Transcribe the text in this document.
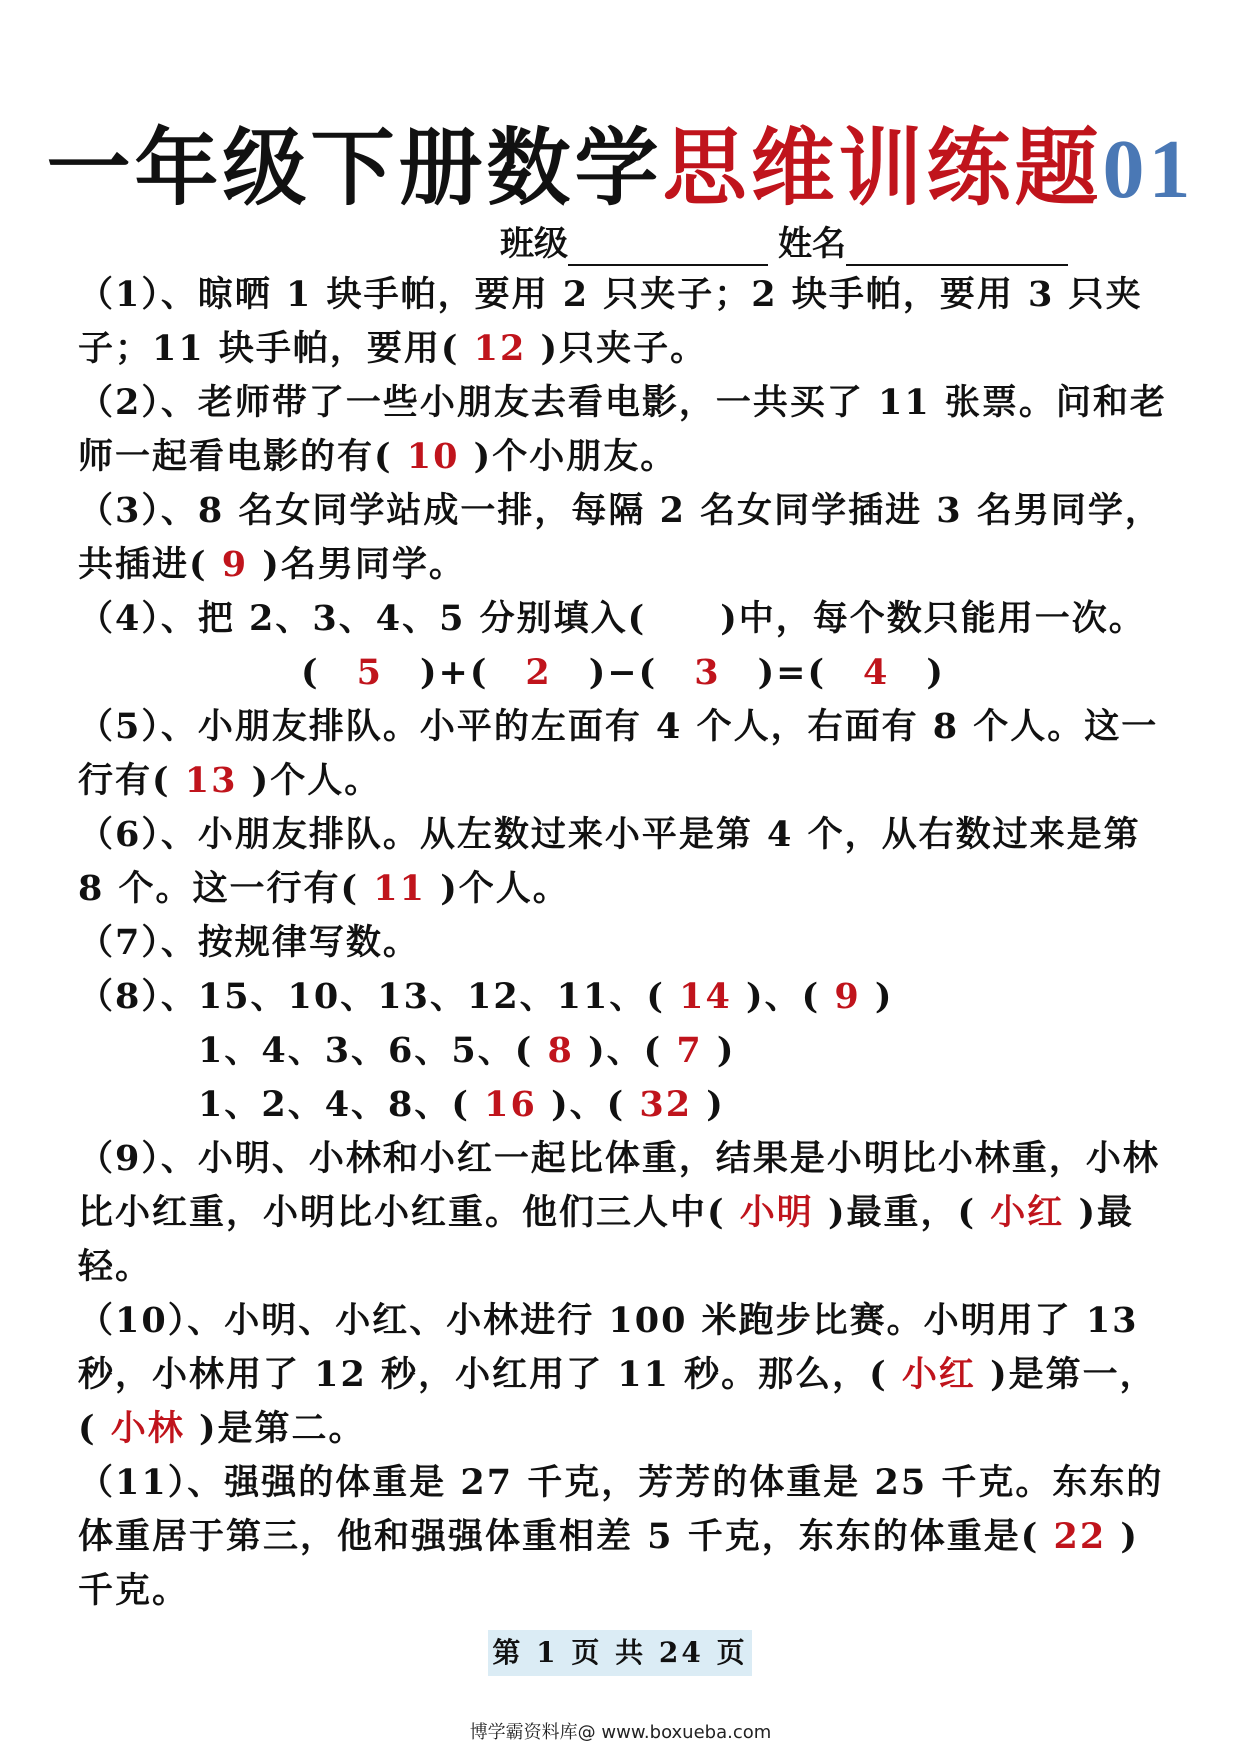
一年级下册数学思维训练题01
班级	姓名

（1）、晾晒 1 块手帕，要用 2 只夹子；2 块手帕，要用 3 只夹子；11 块手帕，要用( 12 )只夹子。

（2）、老师带了一些小朋友去看电影，一共买了 11 张票。问和老师一起看电影的有( 10 )个小朋友。

（3）、8 名女同学站成一排，每隔 2 名女同学插进 3 名男同学，共插进( 9 )名男同学。

（4）、把 2、3、4、5 分别填入(　　)中，每个数只能用一次。

(　5　)+(　2　)−(　3　)=(　4　)

（5）、小朋友排队。小平的左面有 4 个人，右面有 8 个人。这一行有( 13 )个人。

（6）、小朋友排队。从左数过来小平是第 4 个，从右数过来是第 8 个。这一行有( 11 )个人。

（7）、按规律写数。

（8）、15、10、13、12、11、( 14 )、( 9 )

1、4、3、6、5、( 8 )、( 7 )

1、2、4、8、( 16 )、( 32 )

（9）、小明、小林和小红一起比体重，结果是小明比小林重，小林比小红重，小明比小红重。他们三人中( 小明 )最重，( 小红 )最轻。

（10）、小明、小红、小林进行 100 米跑步比赛。小明用了 13 秒，小林用了 12 秒，小红用了 11 秒。那么，( 小红 )是第一，( 小林 )是第二。

（11）、强强的体重是 27 千克，芳芳的体重是 25 千克。东东的体重居于第三，他和强强体重相差 5 千克，东东的体重是( 22 )千克。

第 1 页 共 24 页
博学霸资料库@ www.boxueba.com
